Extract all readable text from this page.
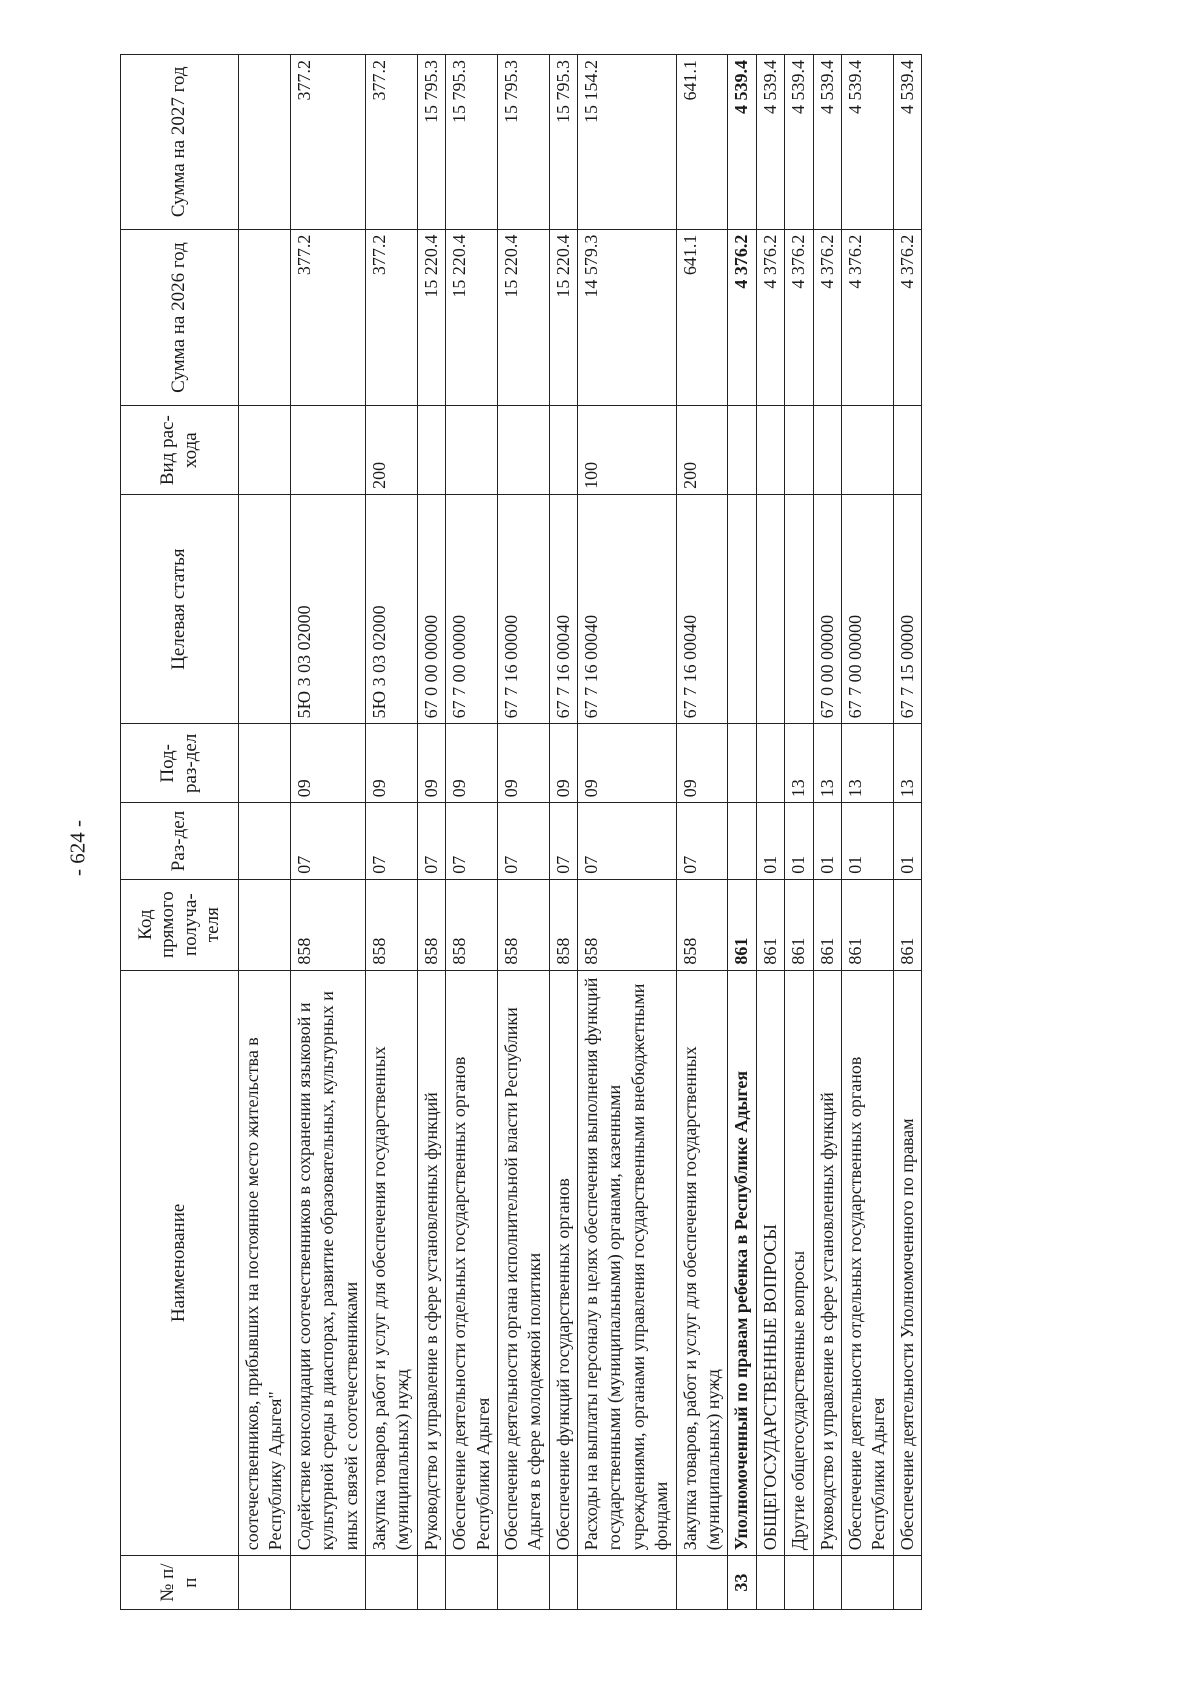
- 624 -
№ п/п	Наименование	Код прямого получа-теля	Раз-дел	Под-раз-дел	Целевая статья	Вид рас-хода	Сумма на 2026 год	Сумма на 2027 год
	соотечественников, прибывших на постоянное место жительства в Республику Адыгея"							
	Содействие консолидации соотечественников в сохранении языковой и культурной среды в диаспорах, развитие образовательных, культурных и иных связей с соотечественниками	858	07	09	5Ю 3 03 02000		377.2	377.2
	Закупка товаров, работ и услуг для обеспечения государственных (муниципальных) нужд	858	07	09	5Ю 3 03 02000	200	377.2	377.2
	Руководство и управление в сфере установленных функций	858	07	09	67 0 00 00000		15 220.4	15 795.3
	Обеспечение деятельности отдельных государственных органов Республики Адыгея	858	07	09	67 7 00 00000		15 220.4	15 795.3
	Обеспечение деятельности органа исполнительной власти Республики Адыгея в сфере молодежной политики	858	07	09	67 7 16 00000		15 220.4	15 795.3
	Обеспечение функций государственных органов	858	07	09	67 7 16 00040		15 220.4	15 795.3
	Расходы на выплаты персоналу в целях обеспечения выполнения функций государственными (муниципальными) органами, казенными учреждениями, органами управления государственными внебюджетными фондами	858	07	09	67 7 16 00040	100	14 579.3	15 154.2
	Закупка товаров, работ и услуг для обеспечения государственных (муниципальных) нужд	858	07	09	67 7 16 00040	200	641.1	641.1
33	Уполномоченный по правам ребенка в Республике Адыгея	861					4 376.2	4 539.4
	ОБЩЕГОСУДАРСТВЕННЫЕ ВОПРОСЫ	861	01				4 376.2	4 539.4
	Другие общегосударственные вопросы	861	01	13			4 376.2	4 539.4
	Руководство и управление в сфере установленных функций	861	01	13	67 0 00 00000		4 376.2	4 539.4
	Обеспечение деятельности отдельных государственных органов Республики Адыгея	861	01	13	67 7 00 00000		4 376.2	4 539.4
	Обеспечение деятельности Уполномоченного по правам	861	01	13	67 7 15 00000		4 376.2	4 539.4
